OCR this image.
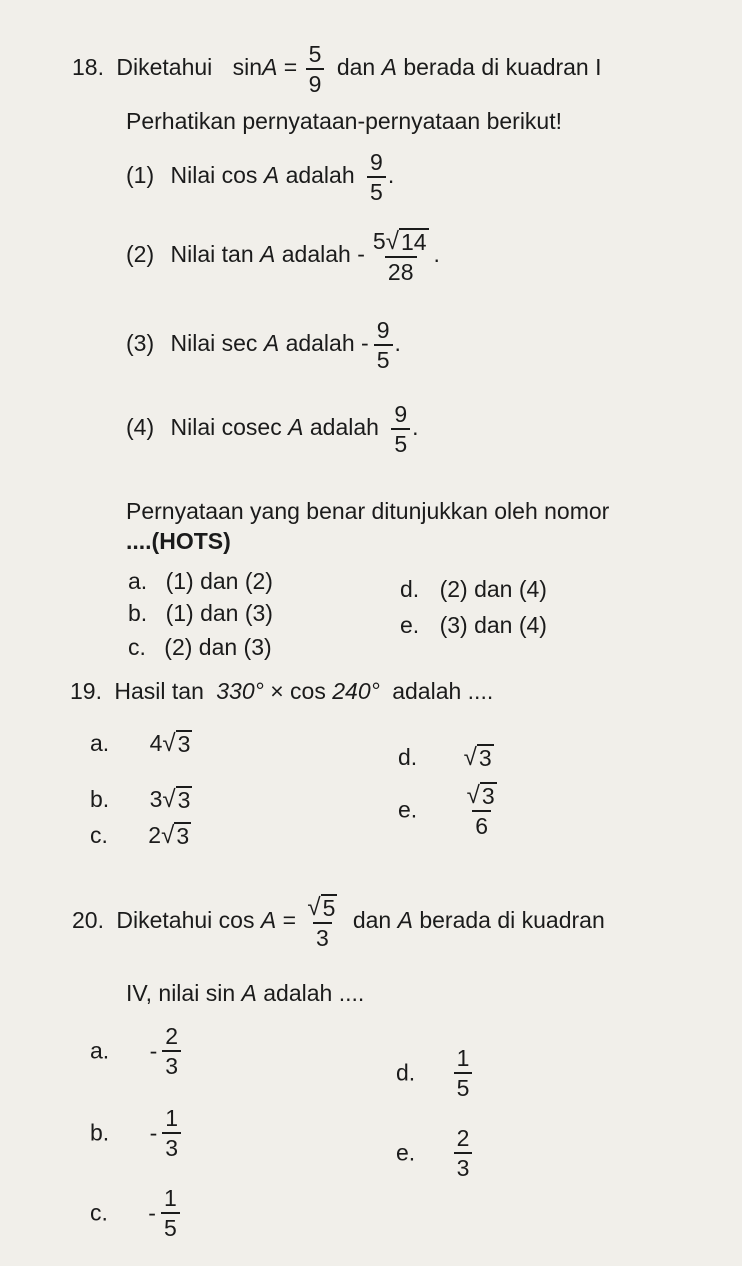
18. Diketahui $\sin A = \frac{5}{9}$ dan A berada di kuadran I
Perhatikan pernyataan-pernyataan berikut!
(1) Nilai cos A adalah $\frac{9}{5}$ .
(2) Nilai tan A adalah - $\frac{5 √ 14}{28}$ .
(3) Nilai sec A adalah - $\frac{9}{5}$ .
(4) Nilai cosec A adalah $\frac{9}{5}$ .
Pernyataan yang benar ditunjukkan oleh nomor
....(HOTS)
a. (1) dan (2)
b. (1) dan (3)
c. (2) dan (3)
d. (2) dan (4)
e. (3) dan (4)
19. Hasil tan 330° × cos 240° adalah ....
a. 4 √ 3
b. 3 √ 3
c. 2 √ 3
d. √ 3
e. $\frac{√ 3}{6}$
20. Diketahui $\cos A = \frac{√ 5}{3}$ dan A berada di kuadran
IV, nilai sin A adalah ....
a. - $\frac{2}{3}$
b. - $\frac{1}{3}$
c. - $\frac{1}{5}$
d. $\frac{1}{5}$
e. $\frac{2}{3}$
